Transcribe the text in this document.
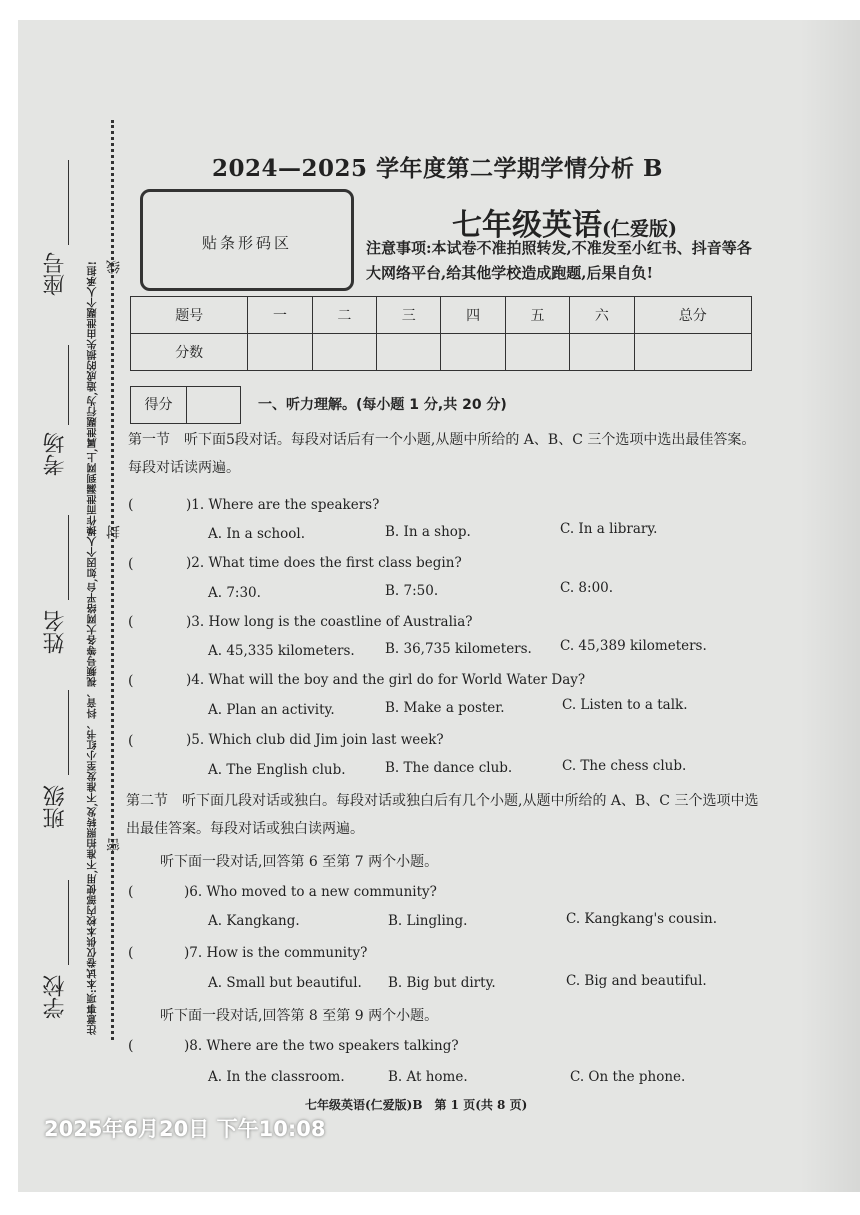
注意事项:本试卷仅供本校内部使用,不准拍照转发,不准发至小红书、抖音、视频号等各大网络平台,如因个人操作而泄漏到网上,属泄题行为,造成的损失由泄题个人承担!
学校
班级
姓名
考场
座号
密
封
线
2024—2025 学年度第二学期学情分析 B
贴条形码区	七年级英语(仁爱版)
注意事项:本试卷不准拍照转发,不准发至小红书、抖音等各大网络平台,给其他学校造成跑题,后果自负!
题号	一	二	三	四	五	六	总分
分数							
得分	一、听力理解。(每小题 1 分,共 20 分)
第一节　听下面5段对话。每段对话后有一个小题,从题中所给的 A、B、C 三个选项中选出最佳答案。每段对话读两遍。
(	)1. Where are the speakers?
A. In a school.	B. In a shop.	C. In a library.
(	)2. What time does the first class begin?
A. 7:30.	B. 7:50.	C. 8:00.
(	)3. How long is the coastline of Australia?
A. 45,335 kilometers. B. 36,735 kilometers. C. 45,389 kilometers.
(	)4. What will the boy and the girl do for World Water Day?
A. Plan an activity.	B. Make a poster.	C. Listen to a talk.
(	)5. Which club did Jim join last week?
A. The English club.	B. The dance club.	C. The chess club.
第二节　听下面几段对话或独白。每段对话或独白后有几个小题,从题中所给的 A、B、C 三个选项中选出最佳答案。每段对话或独白读两遍。
听下面一段对话,回答第 6 至第 7 两个小题。
(	)6. Who moved to a new community?
A. Kangkang.	B. Lingling.	C. Kangkang's cousin.
(	)7. How is the community?
A. Small but beautiful. B. Big but dirty.	C. Big and beautiful.
听下面一段对话,回答第 8 至第 9 两个小题。
(	)8. Where are the two speakers talking?
A. In the classroom.	B. At home.	C. On the phone.
七年级英语(仁爱版)B　第 1 页(共 8 页)
2025年6月20日 下午10:08
